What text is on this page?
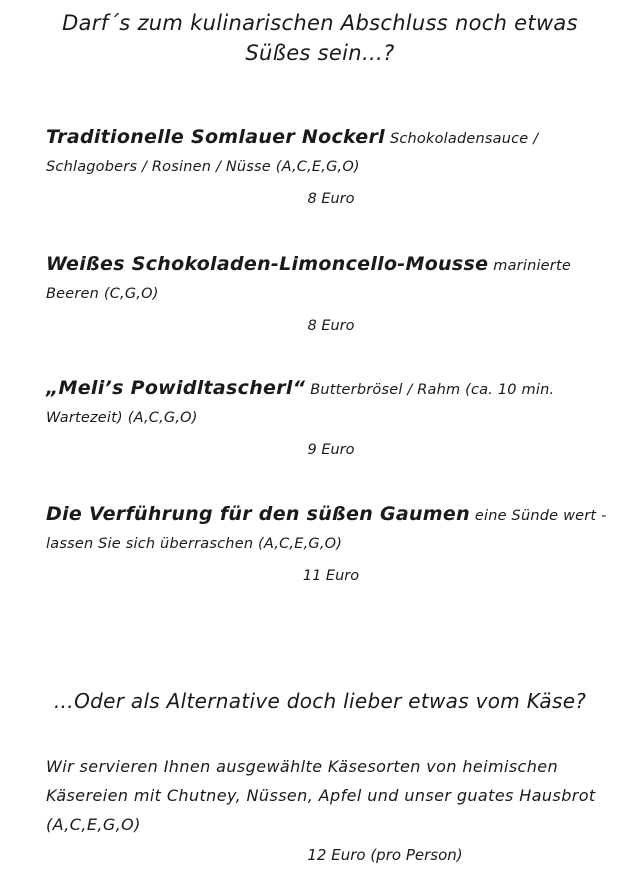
Darf´s zum kulinarischen Abschluss noch etwas
Süßes sein…?

Traditionelle Somlauer Nockerl Schokoladensauce / Schlagobers / Rosinen / Nüsse (A,C,E,G,O)

8 Euro

Weißes Schokoladen-Limoncello-Mousse marinierte Beeren (C,G,O)

8 Euro

„Meli’s Powidltascherl“ Butterbrösel / Rahm (ca. 10 min. Wartezeit) (A,C,G,O)

9 Euro

Die Verführung für den süßen Gaumen eine Sünde wert - lassen Sie sich überraschen (A,C,E,G,O)

11 Euro
…Oder als Alternative doch lieber etwas vom Käse?

Wir servieren Ihnen ausgewählte Käsesorten von heimischen Käsereien mit Chutney, Nüssen, Apfel und unser guates Hausbrot (A,C,E,G,O)

12 Euro (pro Person)
